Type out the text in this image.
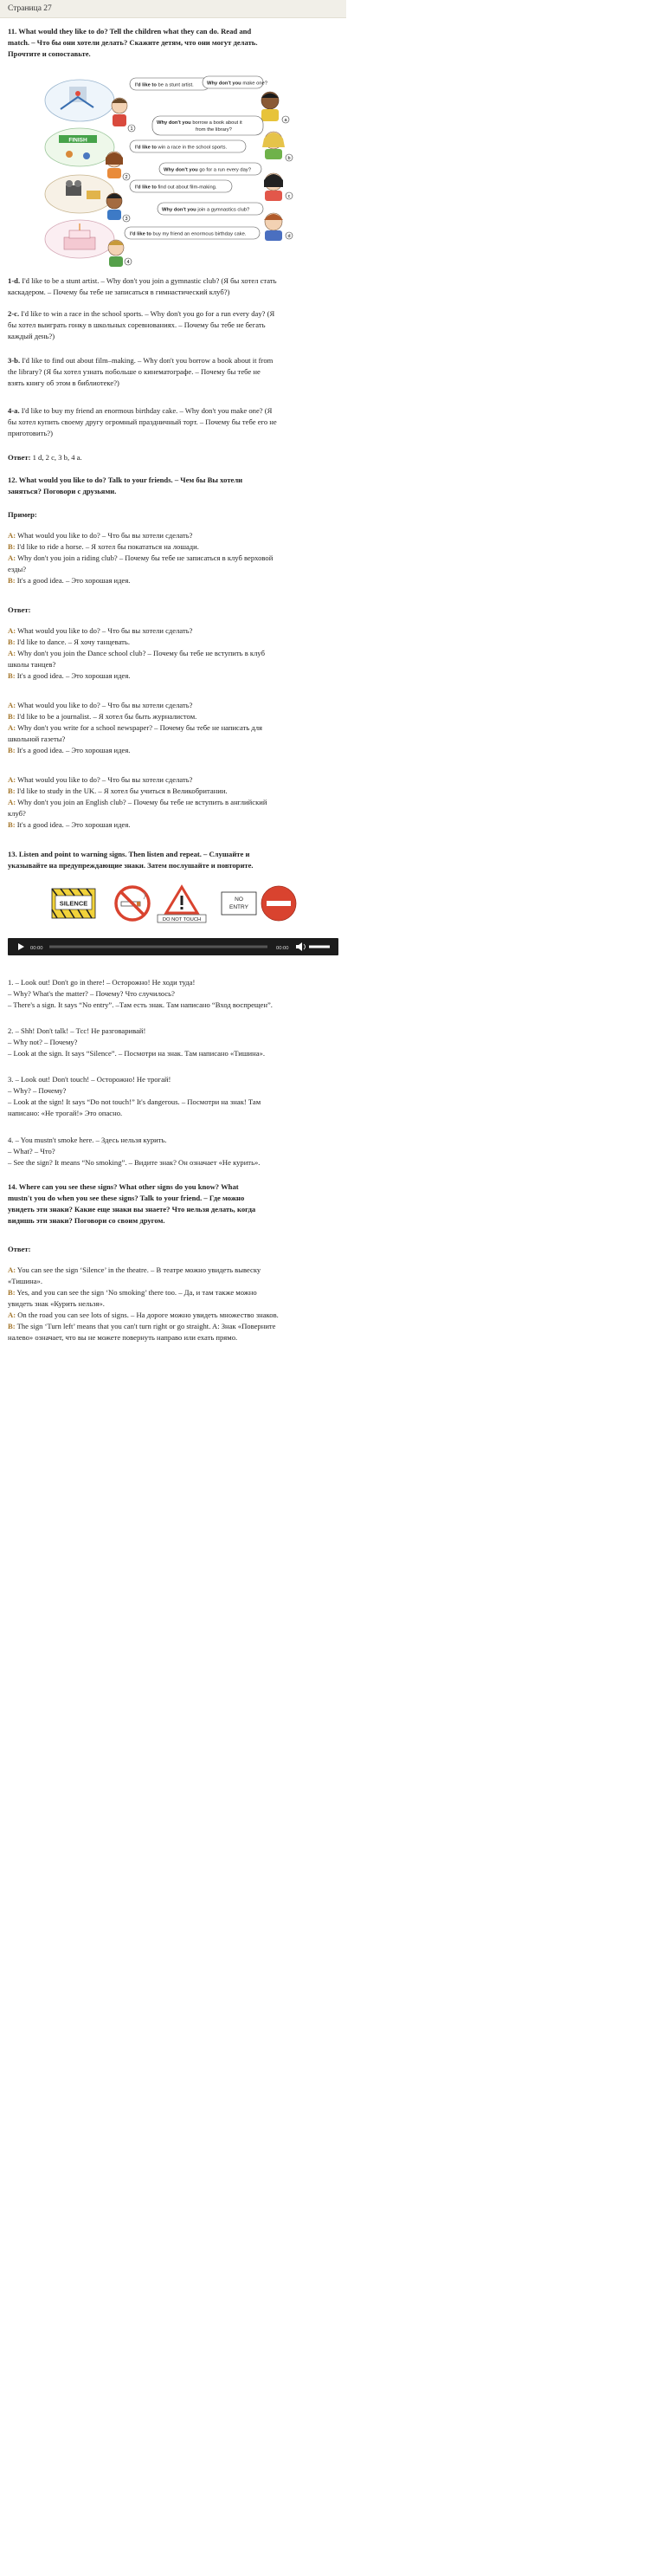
Страница 27

11. What would they like to do? Tell the children what they can do. Read and
match. – Что бы они хотели делать? Скажите детям, что они могут делать.
Прочтите и сопоставьте.

FINISH
1
2
3
4
a
b
c
d
I'd like to be a stunt artist.
I'd like to win a race in the school sports.
I'd like to find out about film-making.
I'd like to buy my friend an enormous birthday cake.
Why don't you make one?
Why don't you borrow a book about it
from the library?
Why don't you go for a run every day?
Why don't you join a gymnastics club?

1-d. I'd like to be a stunt artist. – Why don't you join a gymnastic club? (Я бы хотел стать
каскадером. – Почему бы тебе не записаться в гимнастический клуб?)

2-c. I'd like to win a race in the school sports. – Why don't you go for a run every day? (Я
бы хотел выиграть гонку в школьных соревнованиях. – Почему бы тебе не бегать
каждый день?)

3-b. I'd like to find out about film–making. – Why don't you borrow a book about it from
the library? (Я бы хотел узнать побольше о кинематографе. – Почему бы тебе не
взять книгу об этом в библиотеке?)

4-a. I'd like to buy my friend an enormous birthday cake. – Why don't you make one? (Я
бы хотел купить своему другу огромный праздничный торт. – Почему бы тебе его не
приготовить?)

Ответ: 1 d, 2 c, 3 b, 4 a.

12. What would you like to do? Talk to your friends. – Чем бы Вы хотели
заняться? Поговори с друзьями.

Пример:

A: What would you like to do? – Что бы вы хотели сделать?
B: I'd like to ride a horse. – Я хотел бы покататься на лошади.
A: Why don't you join a riding club? – Почему бы тебе не записаться в клуб верховой
езды?
B: It's a good idea. – Это хорошая идея.

Ответ:

A: What would you like to do? – Что бы вы хотели сделать?
B: I'd like to dance. – Я хочу танцевать.
A: Why don't you join the Dance school club? – Почему бы тебе не вступить в клуб
школы танцев?
B: It's a good idea. – Это хорошая идея.

A: What would you like to do? – Что бы вы хотели сделать?
B: I'd like to be a journalist. – Я хотел бы быть журналистом.
A: Why don't you write for a school newspaper? – Почему бы тебе не написать для
школьной газеты?
B: It's a good idea. – Это хорошая идея.

A: What would you like to do? – Что бы вы хотели сделать?
B: I'd like to study in the UK. – Я хотел бы учиться в Великобритании.
A: Why don't you join an English club? – Почему бы тебе не вступить в английский
клуб?
B: It's a good idea. – Это хорошая идея.

13. Listen and point to warning signs. Then listen and repeat. – Слушайте и
указывайте на предупреждающие знаки. Затем послушайте и повторите.

SILENCE
DO NOT TOUCH
NO
ENTRY
00:00	00:00

1. – Look out! Don't go in there! – Осторожно! Не ходи туда!
– Why? What's the matter? – Почему? Что случилось?
– There's a sign. It says “No entry”. –Там есть знак. Там написано “Вход воспрещен”.

2. – Shh! Don't talk! – Тсс! Не разговаривай!
– Why not? – Почему?
– Look at the sign. It says “Silence”. – Посмотри на знак. Там написано «Тишина».

3. – Look out! Don't touch! – Осторожно! Не трогай!
– Why? – Почему?
– Look at the sign! It says “Do not touch!” It's dangerous. – Посмотри на знак! Там
написано: «Не трогай!» Это опасно.

4. – You mustn't smoke here. – Здесь нельзя курить.
– What? – Что?
– See the sign? It means “No smoking”. – Видите знак? Он означает «Не курить».

14. Where can you see these signs? What other signs do you know? What
mustn't you do when you see these signs? Talk to your friend. – Где можно
увидеть эти знаки? Какие еще знаки вы знаете? Что нельзя делать, когда
видишь эти знаки? Поговори со своим другом.

Ответ:

A: You can see the sign ‘Silence’ in the theatre. – В театре можно увидеть вывеску
«Тишина».
B: Yes, and you can see the sign ‘No smoking’ there too. – Да, и там также можно
увидеть знак «Курить нельзя».
A: On the road you can see lots of signs. – На дороге можно увидеть множество знаков.
B: The sign ‘Turn left’ means that you can't turn right or go straight. A: Знак «Поверните
налево» означает, что вы не можете повернуть направо или ехать прямо.
